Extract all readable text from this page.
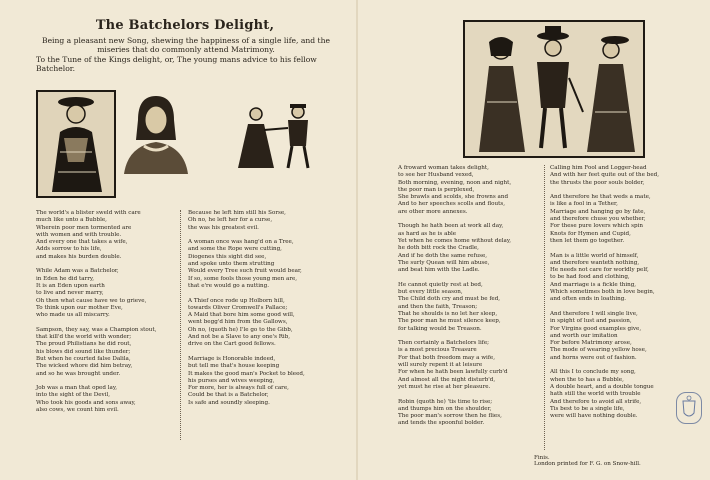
The Batchelors Delight,
Being a pleasant new Song, shewing the happiness of a single life, and the miseries that do commonly attend Matrimony.
To the Tune of the Kings delight, or, The young mans advice to his fellow Batchelor.
The world's a blister sweld with care
much like unto a Bubble,
Wherein poor men tormented are
with women and with trouble.
And every one that takes a wife,
Adds sorrow to his life,
and makes his burden double.

While Adam was a Batchelor,
in Eden he did tarry,
It is an Eden upon earth
to live and never marry,
Oh then what cause have we to grieve,
To think upon our mother Eve,
who made us all miscarry.

Sampson, they say, was a Champion stout,
that kill'd the world with wonder;
The proud Philistians he did rout,
his blows did sound like thunder;
But when he courted false Dalila,
The wicked whore did him betray,
and so he was brought under.

Job was a man that oped lay,
into the sight of the Devil,
Who took his goods and sons away,
also cows, we count him evil.
Because he left him still his Sorse,
Oh no, he left her for a curse,
the was his greatest evil.

A woman once was hang'd on a Tree,
and some the Rope were cutting,
Diogenes this sight did see,
and spoke unto them strutting
Would every Tree such fruit would bear,
If so, some fools those young men are,
that e're would go a nutting.

A Thief once rode up Holborn hill,
towards Oliver Cromwell's Pallace;
A Maid that bore him some good will,
went begg'd him from the Gallows,
Oh no, (quoth he) I'le go to the Gibb,
And not be a Slave to any one's Rib,
drive on the Cart good fellows.

Marriage is Honorable indeed,
but tell me that's house keeping
It makes the good man's Pocket to bleed,
his purses and wives weeping,
For more, her is always full of care,
Could be that is a Batchelor,
Is safe and soundly sleeping.
A froward woman takes delight,
to see her Husband vexed,
Both morning, evening, noon and night,
the poor man is perplexed,
She brawls and scolds, she frowns and
And to her speeches scolls and flouts,
are other more annexes.

Though he hath been at work all day,
as hard as he is able
Yet when he comes home without delay,
he doth bitt rock the Cradle,
And if he doth the same refuse,
The surly Quean will him abuse,
and beat him with the Ladle.

He cannot quietly rest at bed,
but every little season,
The Child doth cry and must be fed,
and then the faith, Treason;
That he shoulds is no let her sleep,
The poor man he must silence keep,
for talking would be Treason.

Then certainly a Batchelors life;
is a most precious Treasure
For that both freedom may a wife,
will surely repent it at leisure
For when he hath been lawfully curb'd
And almost all the night disturb'd,
yet must he rise at her pleasure.

Robin (quoth he) 'tis time to rise;
and thumps him on the shoulder,
The poor man's sorrow then he flies,
and tends the spoonful bolder.
Calling him Fool and Logger-head
And with her feet quite out of the bed,
the thrusts the poor souls bolder,

And therefore he that weds a mate,
is like a fool in a Tether,
Marriage and hanging go by fate,
and therefore chuse you whether,
For these pure lovers which spin
Knots for Hymen and Cupid,
then let them go together.

Man is a little world of himself,
and therefore wanteth nothing,
He needs not care for worldly pelf,
to be had food and clothing,
And marriage is a fickle thing,
Which sometimes both in love begin,
and often ends in loathing.

And therefore I will single live,
in spight of lust and passion,
For Virgins good examples give,
and worth our imitation
For before Matrimony arose,
The mode of wearing yellow hose,
and horns were out of fashion.

All this I to conclude my song,
when the to has a Bubble,
A double heart, and a double tongue
hath still the world with trouble
And therefore to avoid all strife,
Tis best to be a single life,
were will have nothing double.
Finis.
London printed for F. G. on Snow-hill.
